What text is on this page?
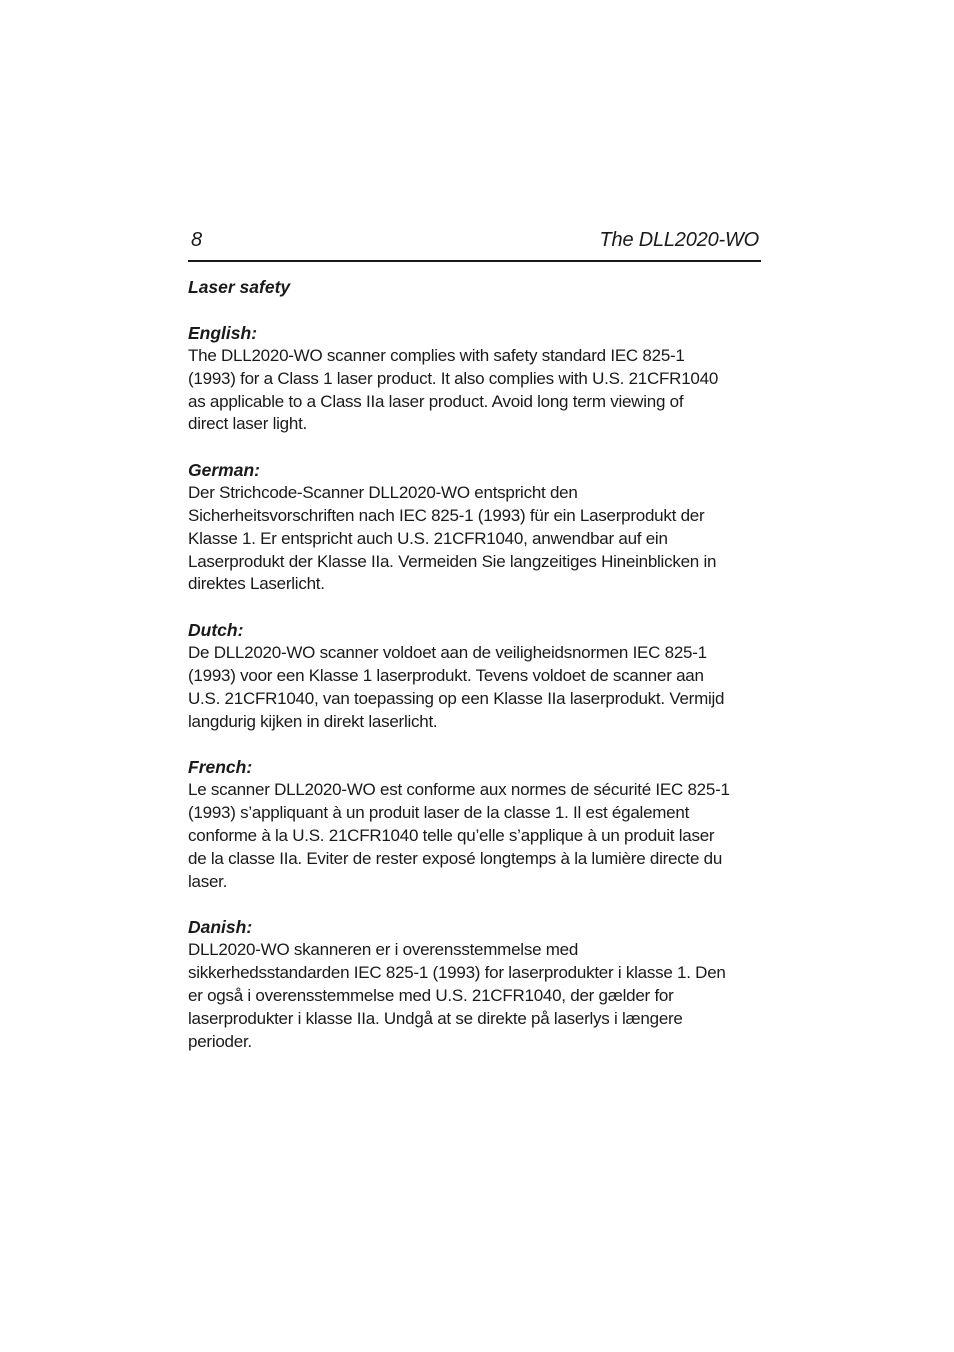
8	The DLL2020-WO
Laser safety
English:

The DLL2020-WO scanner complies with safety standard IEC 825-1
(1993) for a Class 1 laser product. It also complies with U.S. 21CFR1040
as applicable to a Class IIa laser product. Avoid long term viewing of
direct laser light.

German:

Der Strichcode-Scanner DLL2020-WO entspricht den
Sicherheitsvorschriften nach IEC 825-1 (1993) für ein Laserprodukt der
Klasse 1. Er entspricht auch U.S. 21CFR1040, anwendbar auf ein
Laserprodukt der Klasse IIa. Vermeiden Sie langzeitiges Hineinblicken in
direktes Laserlicht.

Dutch:

De DLL2020-WO scanner voldoet aan de veiligheidsnormen IEC 825-1
(1993) voor een Klasse 1 laserprodukt. Tevens voldoet de scanner aan
U.S. 21CFR1040, van toepassing op een Klasse IIa laserprodukt. Vermijd
langdurig kijken in direkt laserlicht.

French:

Le scanner DLL2020-WO est conforme aux normes de sécurité IEC 825-1
(1993) s’appliquant à un produit laser de la classe 1. Il est également
conforme à la U.S. 21CFR1040 telle qu’elle s’applique à un produit laser
de la classe IIa. Eviter de rester exposé longtemps à la lumière directe du
laser.

Danish:

DLL2020-WO skanneren er i overensstemmelse med
sikkerhedsstandarden IEC 825-1 (1993) for laserprodukter i klasse 1. Den
er også i overensstemmelse med U.S. 21CFR1040, der gælder for
laserprodukter i klasse IIa. Undgå at se direkte på laserlys i længere
perioder.
